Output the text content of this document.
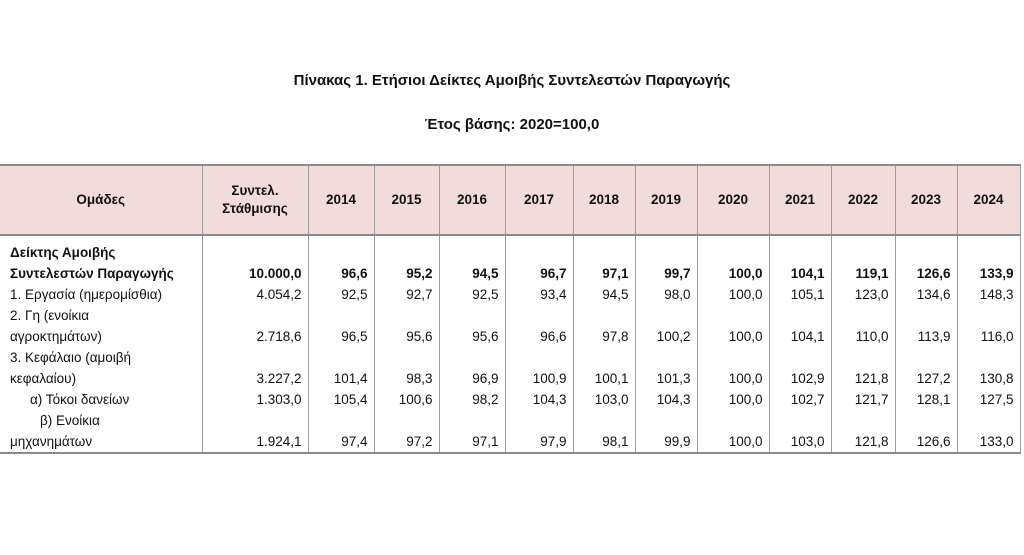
Πίνακας 1. Ετήσιοι Δείκτες Αμοιβής Συντελεστών Παραγωγής
Έτος βάσης: 2020=100,0
Ομάδες	Συντελ.
Στάθμισης	2014	2015	2016	2017	2018	2019	2020	2021	2022	2023	2024
Δείκτης Αμοιβής
Συντελεστών Παραγωγής	10.000,0	96,6	95,2	94,5	96,7	97,1	99,7	100,0	104,1	119,1	126,6	133,9
1. Εργασία (ημερομίσθια)	4.054,2	92,5	92,7	92,5	93,4	94,5	98,0	100,0	105,1	123,0	134,6	148,3
2. Γη (ενοίκια
αγροκτημάτων)	2.718,6	96,5	95,6	95,6	96,6	97,8	100,2	100,0	104,1	110,0	113,9	116,0
3. Κεφάλαιο (αμοιβή
κεφαλαίου)	3.227,2	101,4	98,3	96,9	100,9	100,1	101,3	100,0	102,9	121,8	127,2	130,8
α) Τόκοι δανείων	1.303,0	105,4	100,6	98,2	104,3	103,0	104,3	100,0	102,7	121,7	128,1	127,5
β) Ενοίκια
μηχανημάτων	1.924,1	97,4	97,2	97,1	97,9	98,1	99,9	100,0	103,0	121,8	126,6	133,0
